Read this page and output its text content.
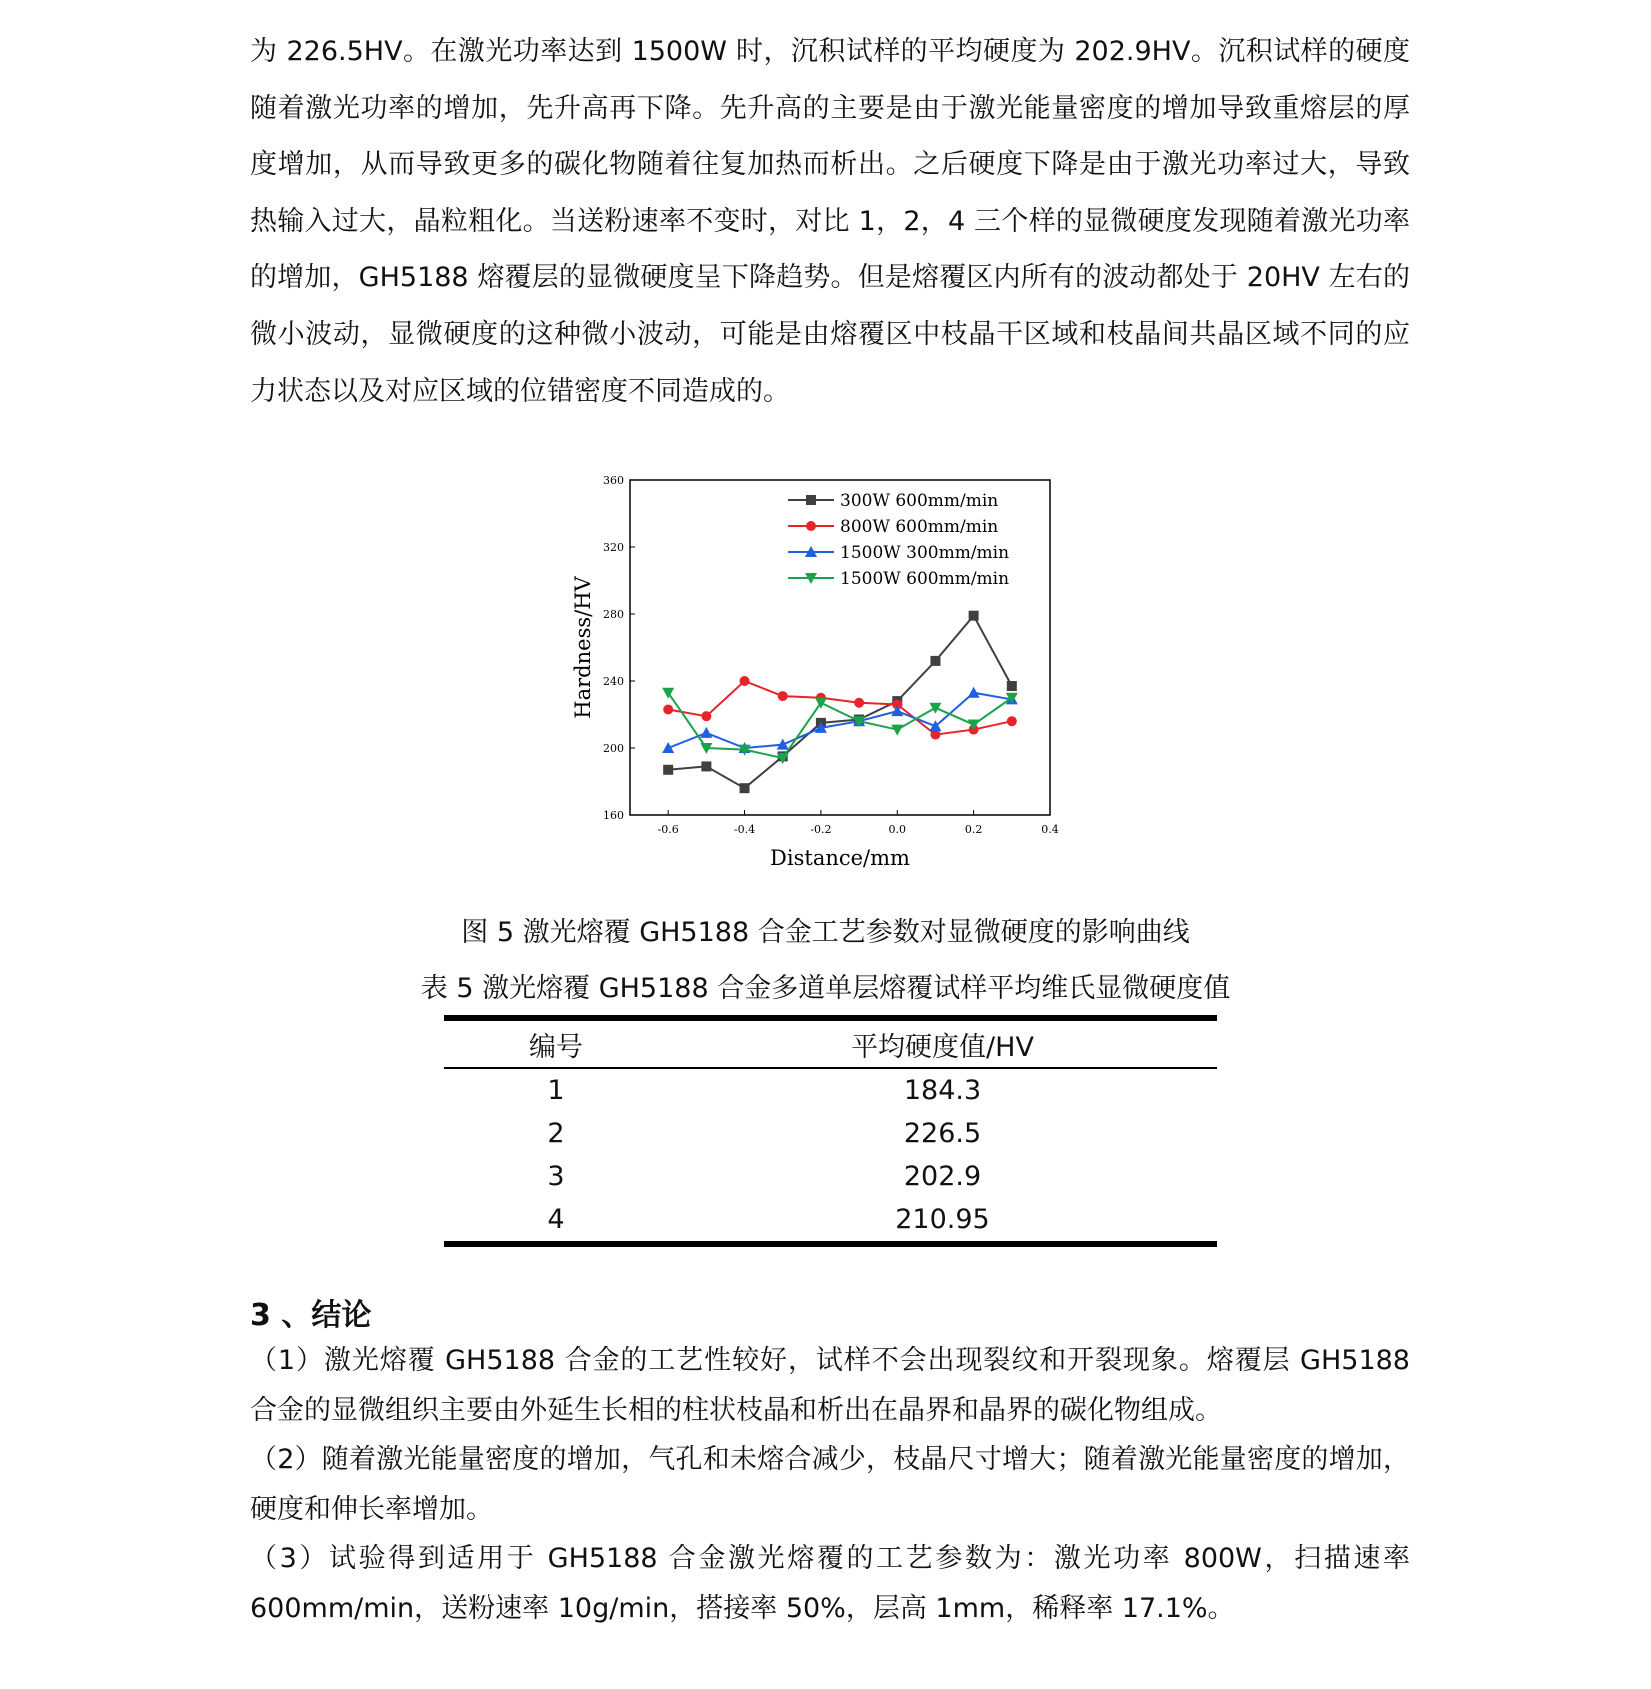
为 226.5HV。在激光功率达到 1500W 时，沉积试样的平均硬度为 202.9HV。沉积试样的硬度随着激光功率的增加，先升高再下降。先升高的主要是由于激光能量密度的增加导致重熔层的厚度增加，从而导致更多的碳化物随着往复加热而析出。之后硬度下降是由于激光功率过大，导致热输入过大，晶粒粗化。当送粉速率不变时，对比 1，2，4 三个样的显微硬度发现随着激光功率的增加，GH5188 熔覆层的显微硬度呈下降趋势。但是熔覆区内所有的波动都处于 20HV 左右的微小波动，显微硬度的这种微小波动，可能是由熔覆区中枝晶干区域和枝晶间共晶区域不同的应力状态以及对应区域的位错密度不同造成的。

160
200
240
280
320
360
-0.6	-0.4	-0.2	0.0	0.2	0.4
Distance/mm
Hardness/HV
300W 600mm/min
800W 600mm/min
1500W 300mm/min
1500W 600mm/min

图 5 激光熔覆 GH5188 合金工艺参数对显微硬度的影响曲线

表 5 激光熔覆 GH5188 合金多道单层熔覆试样平均维氏显微硬度值

编号	平均硬度值/HV
1	184.3
2	226.5
3	202.9
4	210.95
3 、结论

（1）激光熔覆 GH5188 合金的工艺性较好，试样不会出现裂纹和开裂现象。熔覆层 GH5188 合金的显微组织主要由外延生长相的柱状枝晶和析出在晶界和晶界的碳化物组成。

（2）随着激光能量密度的增加，气孔和未熔合减少，枝晶尺寸增大；随着激光能量密度的增加，硬度和伸长率增加。

（3）试验得到适用于 GH5188 合金激光熔覆的工艺参数为：激光功率 800W，扫描速率 600mm/min，送粉速率 10g/min，搭接率 50%，层高 1mm，稀释率 17.1%。
